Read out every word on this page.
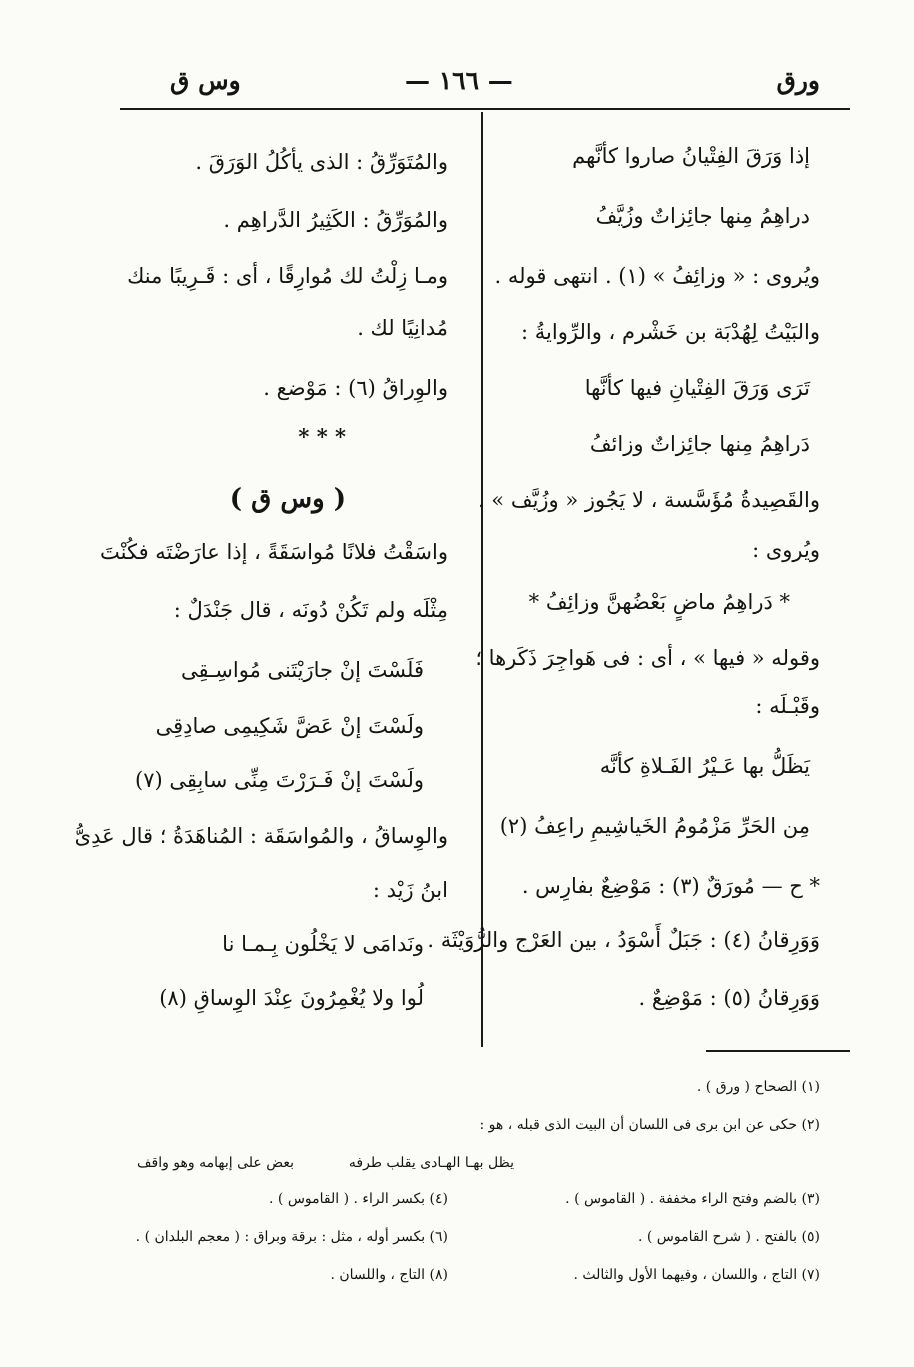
ورق
— ١٦٦ —
وس ق
إذا وَرَقَ الفِتْيانُ صاروا كأنَّهم
دراهِمُ مِنها جائِزاتٌ وزُيَّفُ
ويُروى : « وزائِفُ » (١) . انتهى قوله .
والبَيْتُ لِهُدْبَة بن خَشْرم ، والرِّوايةُ :
تَرَى وَرَقَ الفِتْيانِ فيها كأنَّها
دَراهِمُ مِنها جائِزاتٌ وزائفُ
والقَصِيدةُ مُؤَسَّسة ، لا يَجُوز « وزُيَّف » .
ويُروى :
* دَراهِمُ ماضٍ بَعْضُهنَّ وزائِفُ *
وقوله « فيها » ، أى : فى هَواجِرَ ذَكَرها ؛
وقَبْـلَه :
يَظَلُّ بها عَـيْرُ الفَـلاةِ كأنَّه
مِن الحَرِّ مَزْمُومُ الخَياشِيمِ راعِفُ (٢)
* ح — مُورَقٌ (٣) : مَوْضِعٌ بفارِس .
وَوَرِقانُ (٤) : جَبَلٌ أَسْوَدُ ، بين العَرْج والرُّوَيْثَة .
وَوَرِقانُ (٥) : مَوْضِعٌ .
والمُتَوَرِّقُ : الذى يأكُلُ الوَرَقَ .
والمُوَرِّقُ : الكَثِيرُ الدَّراهِم .
ومـا زِلْتُ لك مُوارِقًا ، أى : قَـرِيبًا منك
مُدانِيًا لك .
والوِراقُ (٦) : مَوْضع .
* * *
( وس ق )
واسَقْتُ فلانًا مُواسَقَةً ، إذا عارَضْتَه فكُنْتَ
مِثْلَه ولم تَكُنْ دُونَه ، قال جَنْدَلٌ :
فَلَسْتَ إنْ جارَيْتَنى مُواسِـقِى
ولَسْتَ إنْ عَضَّ شَكِيمِى صادِقِى
ولَسْتَ إنْ فَـرَرْتَ مِنِّى سابِقِى (٧)
والوِساقُ ، والمُواسَقَة : المُناهَدَةُ ؛ قال عَدِىُّ
ابنُ زَيْد :
ونَدامَى لا يَخْلُون بِـمـا نا
لُوا ولا يُغْمِرُونَ عِنْدَ الوِساقِ (٨)
(١) الصحاح ( ورق ) .
(٢) حكى عن ابن برى فى اللسان أن البيت الذى قبله ، هو :
يظل بهـا الهـادى يقلب طرفه
بعض على إبهامه وهو واقف
(٣) بالضم وفتح الراء مخففة . ( القاموس ) .
(٤) بكسر الراء . ( القاموس ) .
(٥) بالفتح . ( شرح القاموس ) .
(٦) بكسر أوله ، مثل : برقة وبراق : ( معجم البلدان ) .
(٧) التاج ، واللسان ، وفيهما الأول والثالث .
(٨) التاج ، واللسان .
